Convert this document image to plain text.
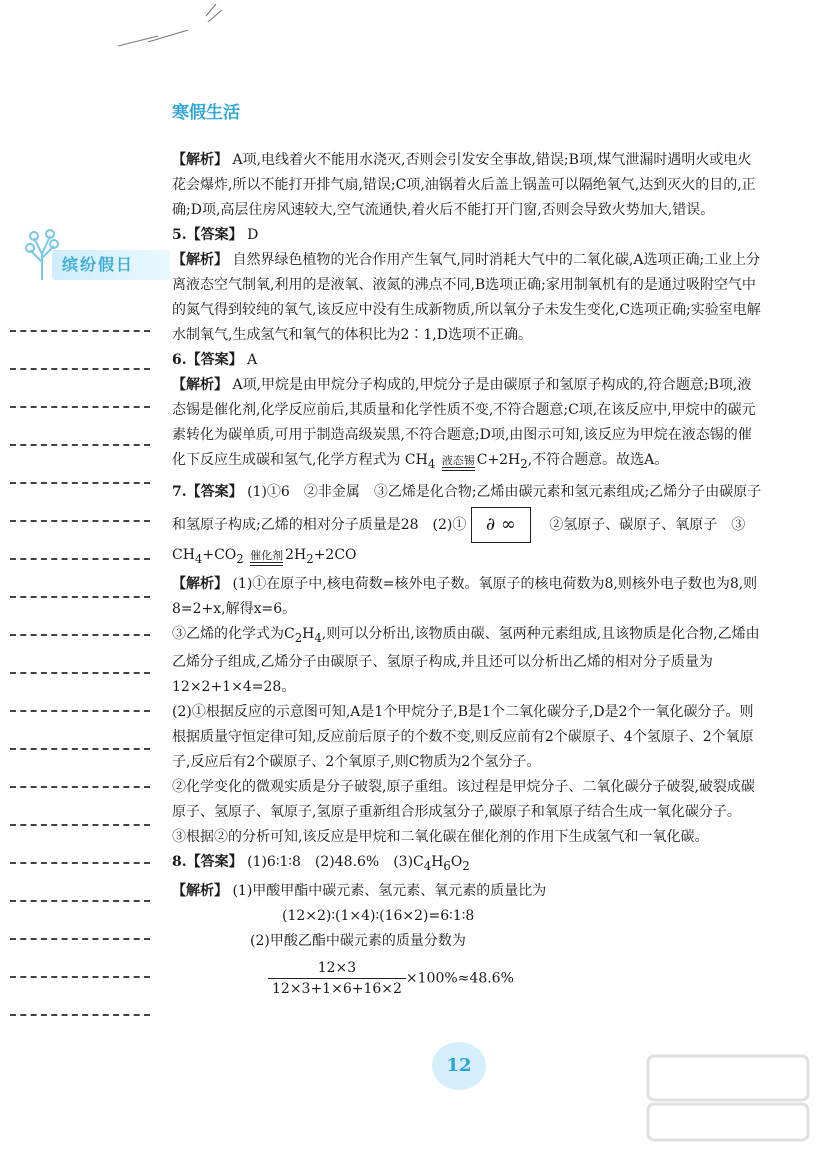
缤纷假日
寒假生活

【解析】 A项,电线着火不能用水浇灭,否则会引发安全事故,错误;B项,煤气泄漏时遇明火或电火花会爆炸,所以不能打开排气扇,错误;C项,油锅着火后盖上锅盖可以隔绝氧气,达到灭火的目的,正确;D项,高层住房风速较大,空气流通快,着火后不能打开门窗,否则会导致火势加大,错误。

5.【答案】 D

【解析】 自然界绿色植物的光合作用产生氧气,同时消耗大气中的二氧化碳,A选项正确;工业上分离液态空气制氧,利用的是液氧、液氮的沸点不同,B选项正确;家用制氧机有的是通过吸附空气中的氮气得到较纯的氧气,该反应中没有生成新物质,所以氧分子未发生变化,C选项正确;实验室电解水制氧气,生成氢气和氧气的体积比为2∶1,D选项不正确。

6.【答案】 A

【解析】 A项,甲烷是由甲烷分子构成的,甲烷分子是由碳原子和氢原子构成的,符合题意;B项,液态锡是催化剂,化学反应前后,其质量和化学性质不变,不符合题意;C项,在该反应中,甲烷中的碳元素转化为碳单质,可用于制造高级炭黑,不符合题意;D项,由图示可知,该反应为甲烷在液态锡的催化下反应生成碳和氢气,化学方程式为 $CH_4$ 液态锡 $C+2H_2$,不符合题意。故选A。

7.【答案】 (1)①6　②非金属　③乙烯是化合物;乙烯由碳元素和氢元素组成;乙烯分子由碳原子和氢原子构成;乙烯的相对分子质量是28　(2)① ∂ ∞ 　②氢原子、碳原子、氧原子　③

$CH_4+CO_2$ 催化剂 $2H_2+2CO$

【解析】 (1)①在原子中,核电荷数=核外电子数。氧原子的核电荷数为8,则核外电子数也为8,则8=2+x,解得x=6。

③乙烯的化学式为$C_2H_4$,则可以分析出,该物质由碳、氢两种元素组成,且该物质是化合物,乙烯由乙烯分子组成,乙烯分子由碳原子、氢原子构成,并且还可以分析出乙烯的相对分子质量为12×2+1×4=28。

(2)①根据反应的示意图可知,A是1个甲烷分子,B是1个二氧化碳分子,D是2个一氧化碳分子。则根据质量守恒定律可知,反应前后原子的个数不变,则反应前有2个碳原子、4个氢原子、2个氧原子,反应后有2个碳原子、2个氧原子,则C物质为2个氢分子。

②化学变化的微观实质是分子破裂,原子重组。该过程是甲烷分子、二氧化碳分子破裂,破裂成碳原子、氢原子、氧原子,氢原子重新组合形成氢分子,碳原子和氧原子结合生成一氧化碳分子。

③根据②的分析可知,该反应是甲烷和二氧化碳在催化剂的作用下生成氢气和一氧化碳。

8.【答案】 (1)6∶1∶8　(2)48.6%　$(3)C_4H_6O_2$

【解析】 (1)甲酸甲酯中碳元素、氢元素、氧元素的质量比为

(12×2)∶(1×4)∶(16×2)=6∶1∶8

(2)甲酸乙酯中碳元素的质量分数为

$\frac{12\times 3}{12\times 3+1\times 6+16\times 2} \times 100\%\approx 48.6\%$

12
